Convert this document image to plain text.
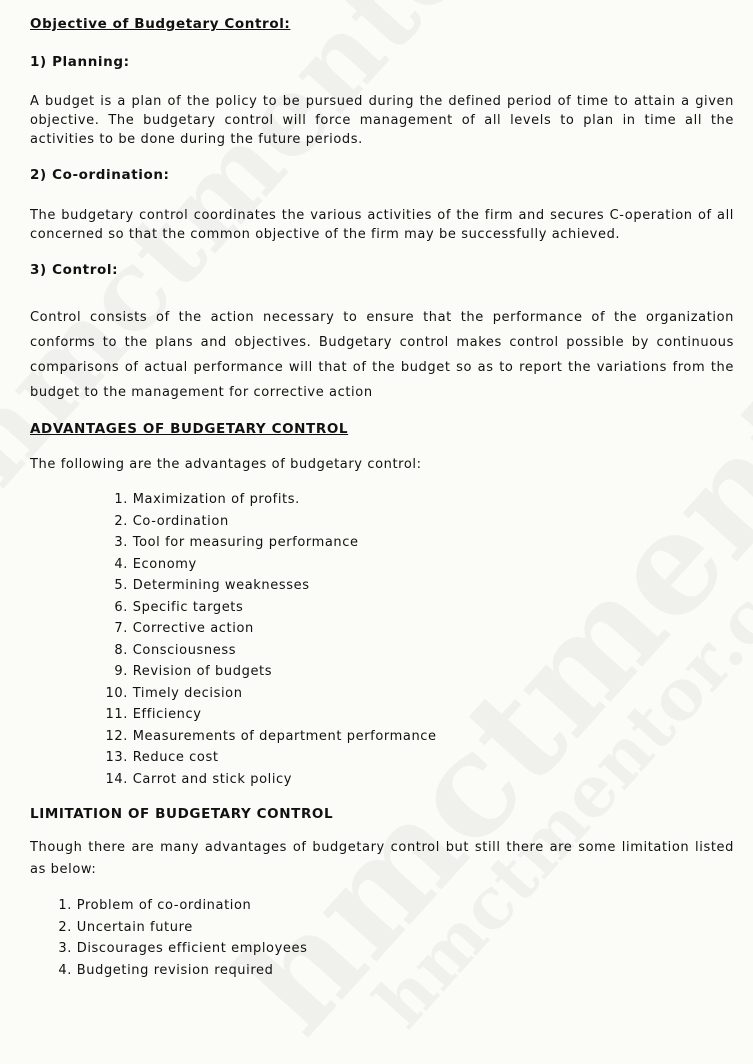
Objective of Budgetary Control:
1) Planning:
A budget is a plan of the policy to be pursued during the defined period of time to attain a given objective. The budgetary control will force management of all levels to plan in time all the activities to be done during the future periods.
2) Co-ordination:
The budgetary control coordinates the various activities of the firm and secures C-operation of all concerned so that the common objective of the firm may be successfully achieved.
3) Control:
Control consists of the action necessary to ensure that the performance of the organization conforms to the plans and objectives. Budgetary control makes control possible by continuous comparisons of actual performance will that of the budget so as to report the variations from the budget to the management for corrective action
ADVANTAGES OF BUDGETARY CONTROL
The following are the advantages of budgetary control:
1. Maximization of profits.
2. Co-ordination
3. Tool for measuring performance
4. Economy
5. Determining weaknesses
6. Specific targets
7. Corrective action
8. Consciousness
9. Revision of budgets
10. Timely decision
11. Efficiency
12. Measurements of department performance
13. Reduce cost
14. Carrot and stick policy
LIMITATION OF BUDGETARY CONTROL
Though there are many advantages of budgetary control but still there are some limitation listed as below:
1. Problem of co-ordination
2. Uncertain future
3. Discourages efficient employees
4. Budgeting revision required
